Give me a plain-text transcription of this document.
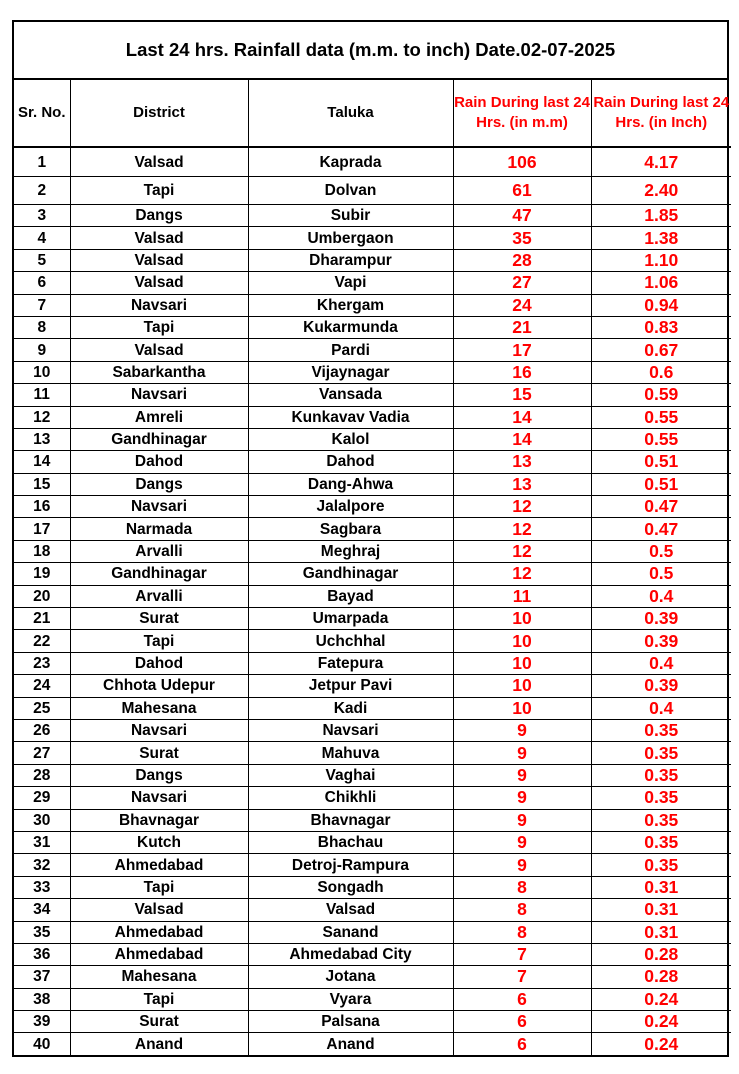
Last 24 hrs. Rainfall data (m.m. to inch) Date.02-07-2025
Sr. No.	District	Taluka	Rain During last 24 Hrs. (in m.m)	Rain During last 24 Hrs. (in Inch)
1	Valsad	Kaprada	106	4.17
2	Tapi	Dolvan	61	2.40
3	Dangs	Subir	47	1.85
4	Valsad	Umbergaon	35	1.38
5	Valsad	Dharampur	28	1.10
6	Valsad	Vapi	27	1.06
7	Navsari	Khergam	24	0.94
8	Tapi	Kukarmunda	21	0.83
9	Valsad	Pardi	17	0.67
10	Sabarkantha	Vijaynagar	16	0.6
11	Navsari	Vansada	15	0.59
12	Amreli	Kunkavav Vadia	14	0.55
13	Gandhinagar	Kalol	14	0.55
14	Dahod	Dahod	13	0.51
15	Dangs	Dang-Ahwa	13	0.51
16	Navsari	Jalalpore	12	0.47
17	Narmada	Sagbara	12	0.47
18	Arvalli	Meghraj	12	0.5
19	Gandhinagar	Gandhinagar	12	0.5
20	Arvalli	Bayad	11	0.4
21	Surat	Umarpada	10	0.39
22	Tapi	Uchchhal	10	0.39
23	Dahod	Fatepura	10	0.4
24	Chhota Udepur	Jetpur Pavi	10	0.39
25	Mahesana	Kadi	10	0.4
26	Navsari	Navsari	9	0.35
27	Surat	Mahuva	9	0.35
28	Dangs	Vaghai	9	0.35
29	Navsari	Chikhli	9	0.35
30	Bhavnagar	Bhavnagar	9	0.35
31	Kutch	Bhachau	9	0.35
32	Ahmedabad	Detroj-Rampura	9	0.35
33	Tapi	Songadh	8	0.31
34	Valsad	Valsad	8	0.31
35	Ahmedabad	Sanand	8	0.31
36	Ahmedabad	Ahmedabad City	7	0.28
37	Mahesana	Jotana	7	0.28
38	Tapi	Vyara	6	0.24
39	Surat	Palsana	6	0.24
40	Anand	Anand	6	0.24
